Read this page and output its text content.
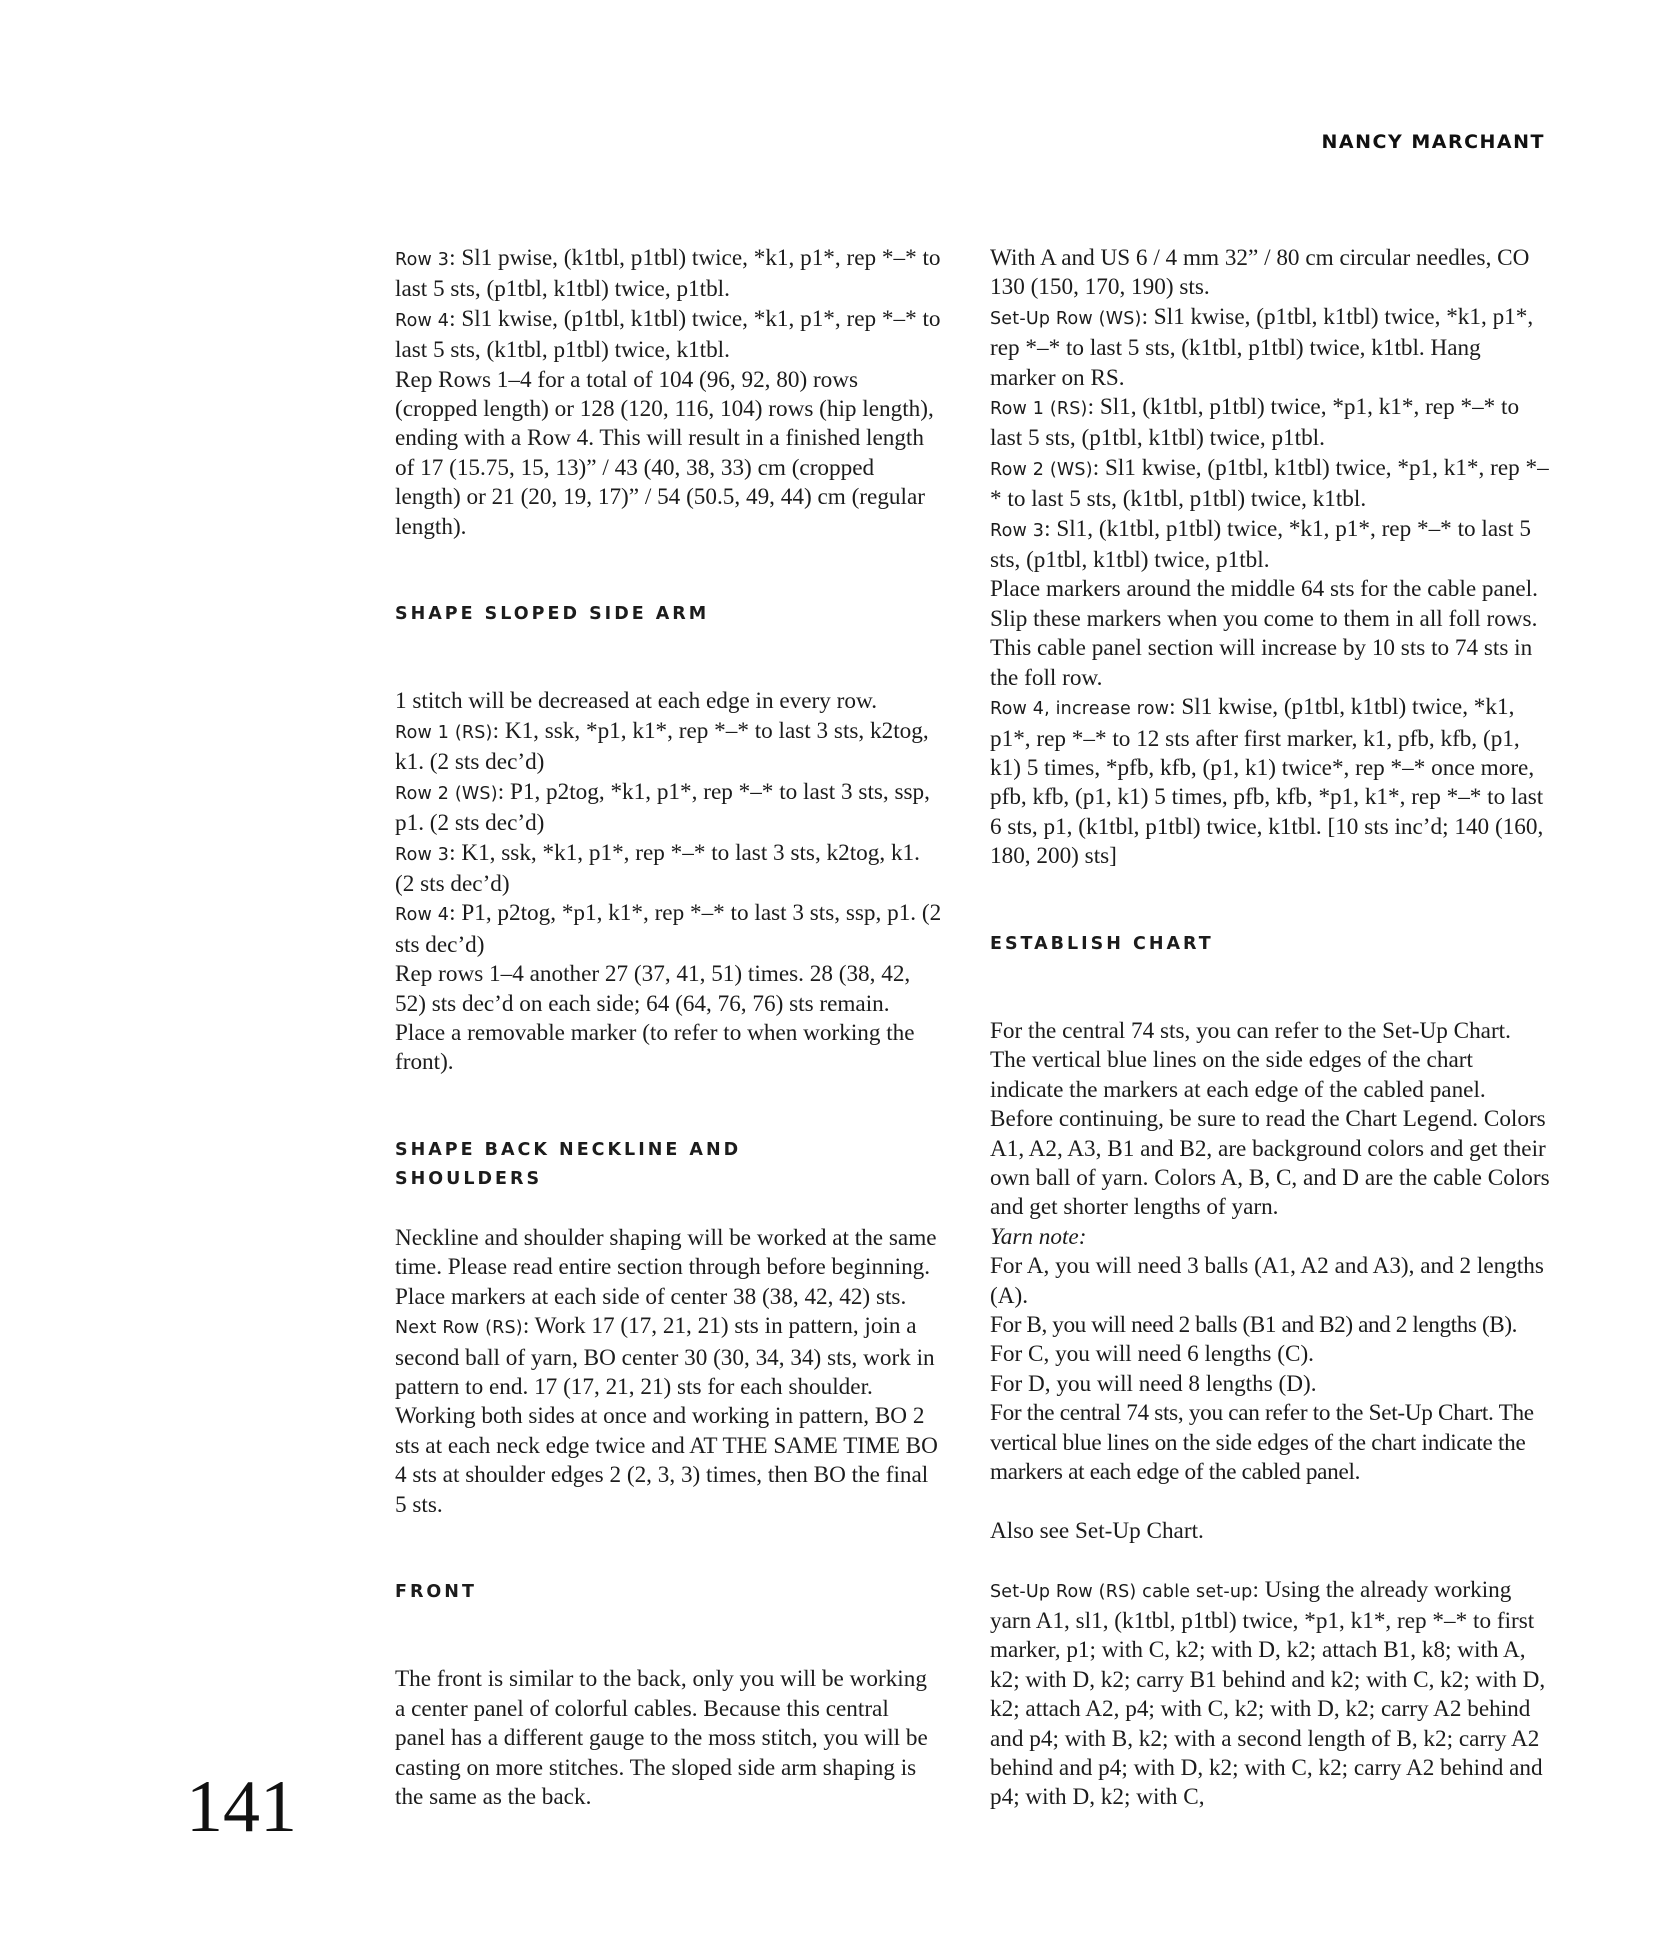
NANCY MARCHANT

Row 3: Sl1 pwise, (k1tbl, p1tbl) twice, *k1, p1*, rep *–* to last 5 sts, (p1tbl, k1tbl) twice, p1tbl.

Row 4: Sl1 kwise, (p1tbl, k1tbl) twice, *k1, p1*, rep *–* to last 5 sts, (k1tbl, p1tbl) twice, k1tbl.

Rep Rows 1–4 for a total of 104 (96, 92, 80) rows (cropped length) or 128 (120, 116, 104) rows (hip length), ending with a Row 4. This will result in a finished length of 17 (15.75, 15, 13)” / 43 (40, 38, 33) cm (cropped length) or 21 (20, 19, 17)” / 54 (50.5, 49, 44) cm (regular length).

SHAPE SLOPED SIDE ARM

1 stitch will be decreased at each edge in every row.

Row 1 (RS): K1, ssk, *p1, k1*, rep *–* to last 3 sts, k2tog, k1. (2 sts dec’d)

Row 2 (WS): P1, p2tog, *k1, p1*, rep *–* to last 3 sts, ssp, p1. (2 sts dec’d)

Row 3: K1, ssk, *k1, p1*, rep *–* to last 3 sts, k2tog, k1. (2 sts dec’d)

Row 4: P1, p2tog, *p1, k1*, rep *–* to last 3 sts, ssp, p1. (2 sts dec’d)

Rep rows 1–4 another 27 (37, 41, 51) times. 28 (38, 42, 52) sts dec’d on each side; 64 (64, 76, 76) sts remain.

Place a removable marker (to refer to when working the front).

SHAPE BACK NECKLINE AND
SHOULDERS

Neckline and shoulder shaping will be worked at the same time. Please read entire section through before beginning.

Place markers at each side of center 38 (38, 42, 42) sts.

Next Row (RS): Work 17 (17, 21, 21) sts in pattern, join a second ball of yarn, BO center 30 (30, 34, 34) sts, work in pattern to end. 17 (17, 21, 21) sts for each shoulder.

Working both sides at once and working in pattern, BO 2 sts at each neck edge twice and AT THE SAME TIME BO 4 sts at shoulder edges 2 (2, 3, 3) times, then BO the final 5 sts.

FRONT

The front is similar to the back, only you will be working a center panel of colorful cables. Because this central panel has a different gauge to the moss stitch, you will be casting on more stitches. The sloped side arm shaping is the same as the back.

With A and US 6 / 4 mm 32” / 80 cm circular needles, CO 130 (150, 170, 190) sts.

Set-Up Row (WS): Sl1 kwise, (p1tbl, k1tbl) twice, *k1, p1*, rep *–* to last 5 sts, (k1tbl, p1tbl) twice, k1tbl. Hang marker on RS.

Row 1 (RS): Sl1, (k1tbl, p1tbl) twice, *p1, k1*, rep *–* to last 5 sts, (p1tbl, k1tbl) twice, p1tbl.

Row 2 (WS): Sl1 kwise, (p1tbl, k1tbl) twice, *p1, k1*, rep *–* to last 5 sts, (k1tbl, p1tbl) twice, k1tbl.

Row 3: Sl1, (k1tbl, p1tbl) twice, *k1, p1*, rep *–* to last 5 sts, (p1tbl, k1tbl) twice, p1tbl.

Place markers around the middle 64 sts for the cable panel. Slip these markers when you come to them in all foll rows. This cable panel section will increase by 10 sts to 74 sts in the foll row.

Row 4, increase row: Sl1 kwise, (p1tbl, k1tbl) twice, *k1, p1*, rep *–* to 12 sts after first marker, k1, pfb, kfb, (p1, k1) 5 times, *pfb, kfb, (p1, k1) twice*, rep *–* once more, pfb, kfb, (p1, k1) 5 times, pfb, kfb, *p1, k1*, rep *–* to last 6 sts, p1, (k1tbl, p1tbl) twice, k1tbl. [10 sts inc’d; 140 (160, 180, 200) sts]

ESTABLISH CHART

For the central 74 sts, you can refer to the Set-Up Chart. The vertical blue lines on the side edges of the chart indicate the markers at each edge of the cabled panel. Before continuing, be sure to read the Chart Legend. Colors A1, A2, A3, B1 and B2, are background colors and get their own ball of yarn. Colors A, B, C, and D are the cable Colors and get shorter lengths of yarn.

Yarn note:

For A, you will need 3 balls (A1, A2 and A3), and 2 lengths (A).

For B, you will need 2 balls (B1 and B2) and 2 lengths (B).

For C, you will need 6 lengths (C).

For D, you will need 8 lengths (D).

For the central 74 sts, you can refer to the Set-Up Chart. The vertical blue lines on the side edges of the chart indicate the markers at each edge of the cabled panel.

Also see Set-Up Chart.

Set-Up Row (RS) cable set-up: Using the already working yarn A1, sl1, (k1tbl, p1tbl) twice, *p1, k1*, rep *–* to first marker, p1; with C, k2; with D, k2; attach B1, k8; with A, k2; with D, k2; carry B1 behind and k2; with C, k2; with D, k2; attach A2, p4; with C, k2; with D, k2; carry A2 behind and p4; with B, k2; with a second length of B, k2; carry A2 behind and p4; with D, k2; with C, k2; carry A2 behind and p4; with D, k2; with C,

141
